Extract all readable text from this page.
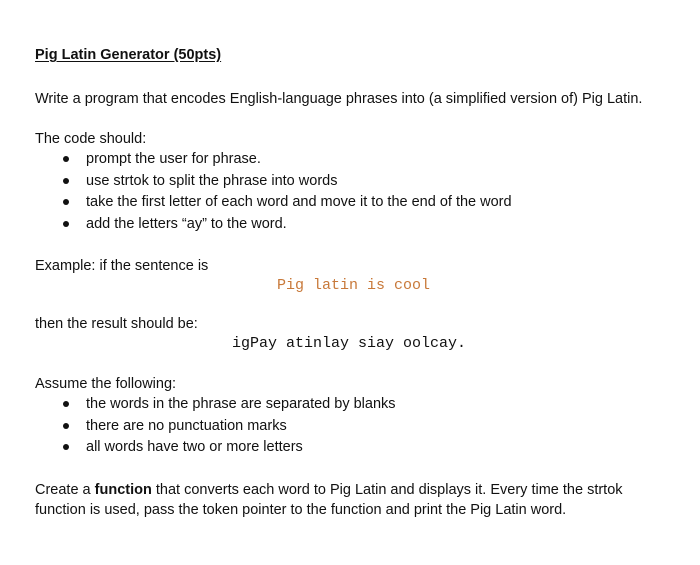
Pig Latin Generator (50pts)
Write a program that encodes English-language phrases into (a simplified version of) Pig Latin.
The code should:
prompt the user for phrase.
use strtok to split the phrase into words
take the first letter of each word and move it to the end of the word
add the letters “ay” to the word.
Example: if the sentence is
Pig latin is cool
then the result should be:
igPay atinlay siay oolcay.
Assume the following:
the words in the phrase are separated by blanks
there are no punctuation marks
all words have two or more letters
Create a function that converts each word to Pig Latin and displays it. Every time the strtok
function is used, pass the token pointer to the function and print the Pig Latin word.
